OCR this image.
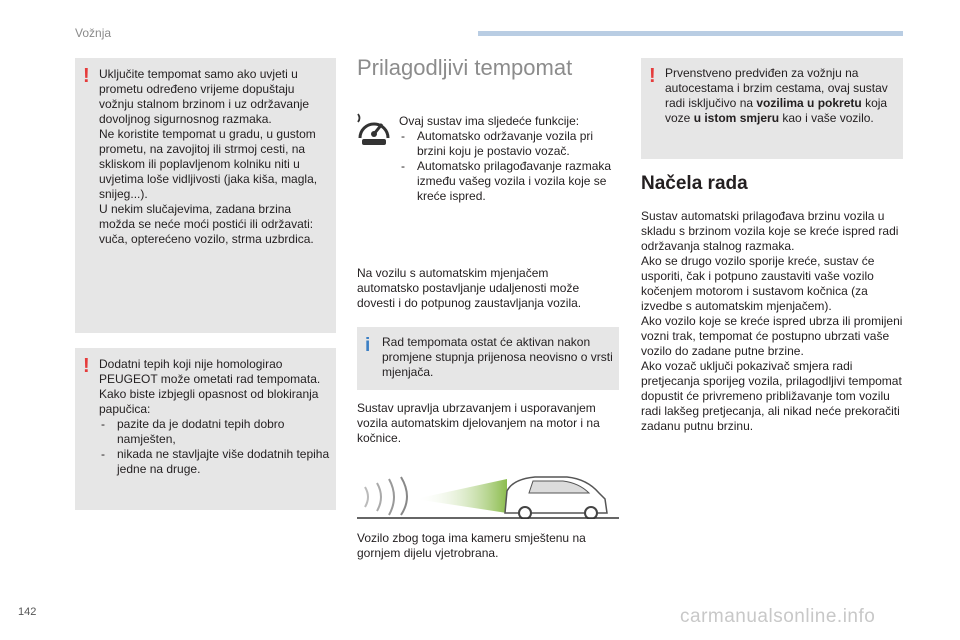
Vožnja
! Uključite tempomat samo ako uvjeti u
prometu određeno vrijeme dopuštaju
vožnju stalnom brzinom i uz održavanje
dovoljnog sigurnosnog razmaka.
Ne koristite tempomat u gradu, u gustom
prometu, na zavojitoj ili strmoj cesti, na
skliskom ili poplavljenom kolniku niti u
uvjetima loše vidljivosti (jaka kiša, magla,
snijeg...).
U nekim slučajevima, zadana brzina
možda se neće moći postići ili održavati:
vuča, opterećeno vozilo, strma uzbrdica.
! Dodatni tepih koji nije homologirao
PEUGEOT može ometati rad tempomata.
Kako biste izbjegli opasnost od blokiranja
papučica:
- pazite da je dodatni tepih dobro namješten,
- nikada ne stavljajte više dodatnih tepiha jedne na druge.
Prilagodljivi tempomat
Ovaj sustav ima sljedeće funkcije:
- Automatsko održavanje vozila pri brzini koju je postavio vozač.
- Automatsko prilagođavanje razmaka između vašeg vozila i vozila koje se kreće ispred.
Na vozilu s automatskim mjenjačem automatsko postavljanje udaljenosti može dovesti i do potpunog zaustavljanja vozila.
i Rad tempomata ostat će aktivan nakon promjene stupnja prijenosa neovisno o vrsti mjenjača.
Sustav upravlja ubrzavanjem i usporavanjem vozila automatskim djelovanjem na motor i na kočnice.
Vozilo zbog toga ima kameru smještenu na gornjem dijelu vjetrobrana.
! Prvenstveno predviđen za vožnju na autocestama i brzim cestama, ovaj sustav radi isključivo na vozilima u pokretu koja voze u istom smjeru kao i vaše vozilo.
Načela rada
Sustav automatski prilagođava brzinu vozila u skladu s brzinom vozila koje se kreće ispred radi održavanja stalnog razmaka.
Ako se drugo vozilo sporije kreće, sustav će usporiti, čak i potpuno zaustaviti vaše vozilo kočenjem motorom i sustavom kočnica (za izvedbe s automatskim mjenjačem).
Ako vozilo koje se kreće ispred ubrza ili promijeni vozni trak, tempomat će postupno ubrzati vaše vozilo do zadane putne brzine.
Ako vozač uključi pokazivač smjera radi pretjecanja sporijeg vozila, prilagodljivi tempomat dopustit će privremeno približavanje tom vozilu radi lakšeg pretjecanja, ali nikad neće prekoračiti zadanu putnu brzinu.
142	carmanualsonline.info
